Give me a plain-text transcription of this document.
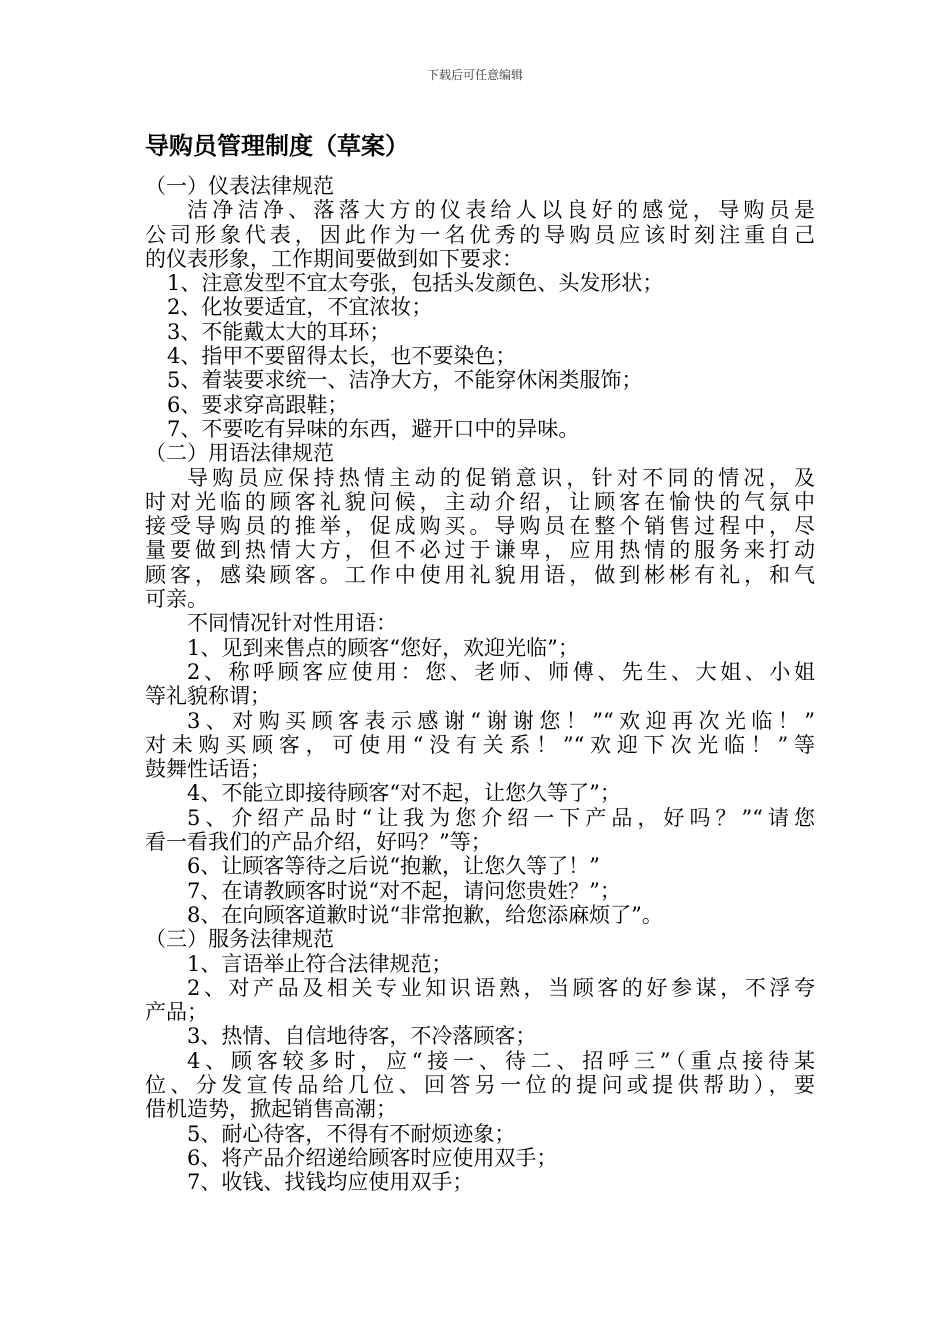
下载后可任意编辑
导购员管理制度（草案）
（一）仪表法律规范
洁净洁净、落落大方的仪表给人以良好的感觉，导购员是
公司形象代表，因此作为一名优秀的导购员应该时刻注重自己
的仪表形象，工作期间要做到如下要求：
1、注意发型不宜太夸张，包括头发颜色、头发形状；
2、化妆要适宜，不宜浓妆；
3、不能戴太大的耳环；
4、指甲不要留得太长，也不要染色；
5、着装要求统一、洁净大方，不能穿休闲类服饰；
6、要求穿高跟鞋；
7、不要吃有异味的东西，避开口中的异味。
（二）用语法律规范
导购员应保持热情主动的促销意识，针对不同的情况，及
时对光临的顾客礼貌问候，主动介绍，让顾客在愉快的气氛中
接受导购员的推举，促成购买。导购员在整个销售过程中，尽
量要做到热情大方，但不必过于谦卑，应用热情的服务来打动
顾客，感染顾客。工作中使用礼貌用语，做到彬彬有礼，和气
可亲。
不同情况针对性用语：
1、见到来售点的顾客“您好，欢迎光临”；
2、称呼顾客应使用：您、老师、师傅、先生、大姐、小姐
等礼貌称谓；
3、对购买顾客表示感谢“谢谢您！”“欢迎再次光临！”
对未购买顾客，可使用“没有关系！”“欢迎下次光临！”等
鼓舞性话语；
4、不能立即接待顾客“对不起，让您久等了”；
5、介绍产品时“让我为您介绍一下产品，好吗？”“请您
看一看我们的产品介绍，好吗？”等；
6、让顾客等待之后说“抱歉，让您久等了！”
7、在请教顾客时说“对不起，请问您贵姓？”；
8、在向顾客道歉时说“非常抱歉，给您添麻烦了”。
（三）服务法律规范
1、言语举止符合法律规范；
2、对产品及相关专业知识语熟，当顾客的好参谋，不浮夸
产品；
3、热情、自信地待客，不冷落顾客；
4、顾客较多时，应“接一、待二、招呼三”（重点接待某
位、分发宣传品给几位、回答另一位的提问或提供帮助），要
借机造势，掀起销售高潮；
5、耐心待客，不得有不耐烦迹象；
6、将产品介绍递给顾客时应使用双手；
7、收钱、找钱均应使用双手；
